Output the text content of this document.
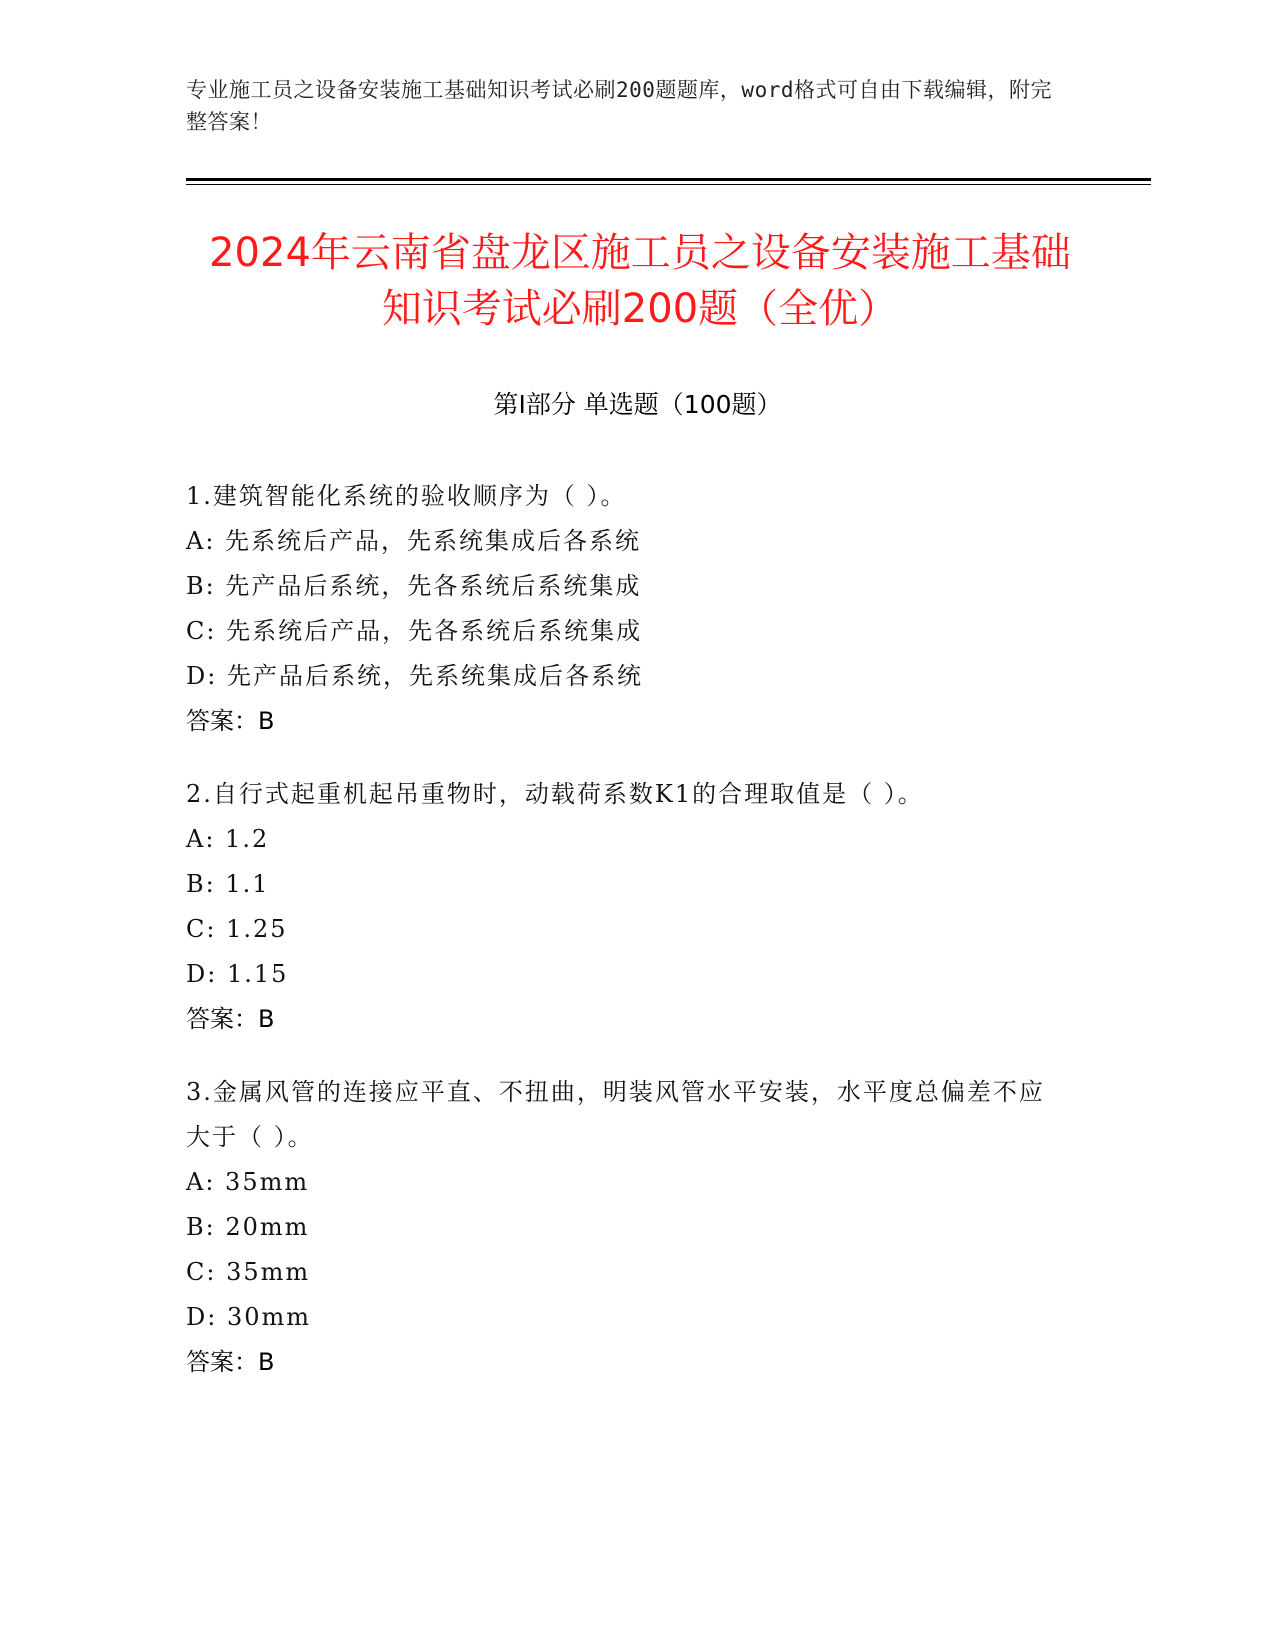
专业施工员之设备安装施工基础知识考试必刷200题题库，word格式可自由下载编辑，附完整答案！
2024年云南省盘龙区施工员之设备安装施工基础知识考试必刷200题（全优）
第Ⅰ部分 单选题（100题）
1.建筑智能化系统的验收顺序为（ ）。
A: 先系统后产品，先系统集成后各系统
B: 先产品后系统，先各系统后系统集成
C: 先系统后产品，先各系统后系统集成
D: 先产品后系统，先系统集成后各系统
答案：B
2.自行式起重机起吊重物时，动载荷系数K1的合理取值是（ ）。
A: 1.2
B: 1.1
C: 1.25
D: 1.15
答案：B
3.金属风管的连接应平直、不扭曲，明装风管水平安装，水平度总偏差不应大于（ ）。
A: 35mm
B: 20mm
C: 35mm
D: 30mm
答案：B
